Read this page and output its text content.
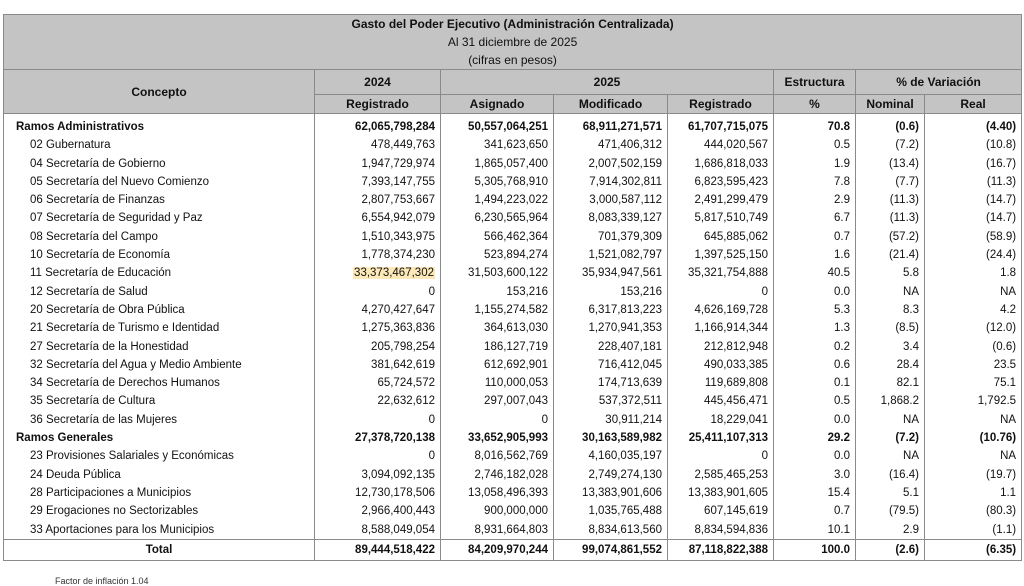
Gasto del Poder Ejecutivo (Administración Centralizada)							
Al 31 diciembre de 2025							
(cifras en pesos)							
Concepto	2024	2025			Estructura	% de Variación	
	Registrado	Asignado	Modificado	Registrado	%	Nominal	Real
Ramos Administrativos	62,065,798,284	50,557,064,251	68,911,271,571	61,707,715,075	70.8	(0.6)	(4.40)
02 Gubernatura	478,449,763	341,623,650	471,406,312	444,020,567	0.5	(7.2)	(10.8)
04 Secretaría de Gobierno	1,947,729,974	1,865,057,400	2,007,502,159	1,686,818,033	1.9	(13.4)	(16.7)
05 Secretaría del Nuevo Comienzo	7,393,147,755	5,305,768,910	7,914,302,811	6,823,595,423	7.8	(7.7)	(11.3)
06 Secretaría de Finanzas	2,807,753,667	1,494,223,022	3,000,587,112	2,491,299,479	2.9	(11.3)	(14.7)
07 Secretaría de Seguridad y Paz	6,554,942,079	6,230,565,964	8,083,339,127	5,817,510,749	6.7	(11.3)	(14.7)
08 Secretaría del Campo	1,510,343,975	566,462,364	701,379,309	645,885,062	0.7	(57.2)	(58.9)
10 Secretaría de Economía	1,778,374,230	523,894,274	1,521,082,797	1,397,525,150	1.6	(21.4)	(24.4)
11 Secretaría de Educación	33,373,467,302	31,503,600,122	35,934,947,561	35,321,754,888	40.5	5.8	1.8
12 Secretaría de Salud	0	153,216	153,216	0	0.0	NA	NA
20 Secretaría de Obra Pública	4,270,427,647	1,155,274,582	6,317,813,223	4,626,169,728	5.3	8.3	4.2
21 Secretaría de Turismo e Identidad	1,275,363,836	364,613,030	1,270,941,353	1,166,914,344	1.3	(8.5)	(12.0)
27 Secretaría de la Honestidad	205,798,254	186,127,719	228,407,181	212,812,948	0.2	3.4	(0.6)
32 Secretaría del Agua y Medio Ambiente	381,642,619	612,692,901	716,412,045	490,033,385	0.6	28.4	23.5
34 Secretaría de Derechos Humanos	65,724,572	110,000,053	174,713,639	119,689,808	0.1	82.1	75.1
35 Secretaría de Cultura	22,632,612	297,007,043	537,372,511	445,456,471	0.5	1,868.2	1,792.5
36 Secretaría de las Mujeres	0	0	30,911,214	18,229,041	0.0	NA	NA
Ramos Generales	27,378,720,138	33,652,905,993	30,163,589,982	25,411,107,313	29.2	(7.2)	(10.76)
23 Provisiones Salariales y Económicas	0	8,016,562,769	4,160,035,197	0	0.0	NA	NA
24 Deuda Pública	3,094,092,135	2,746,182,028	2,749,274,130	2,585,465,253	3.0	(16.4)	(19.7)
28 Participaciones a Municipios	12,730,178,506	13,058,496,393	13,383,901,606	13,383,901,605	15.4	5.1	1.1
29 Erogaciones no Sectorizables	2,966,400,443	900,000,000	1,035,765,488	607,145,619	0.7	(79.5)	(80.3)
33 Aportaciones para los Municipios	8,588,049,054	8,931,664,803	8,834,613,560	8,834,594,836	10.1	2.9	(1.1)
Total	89,444,518,422	84,209,970,244	99,074,861,552	87,118,822,388	100.0	(2.6)	(6.35)
Factor de inflación 1.04
